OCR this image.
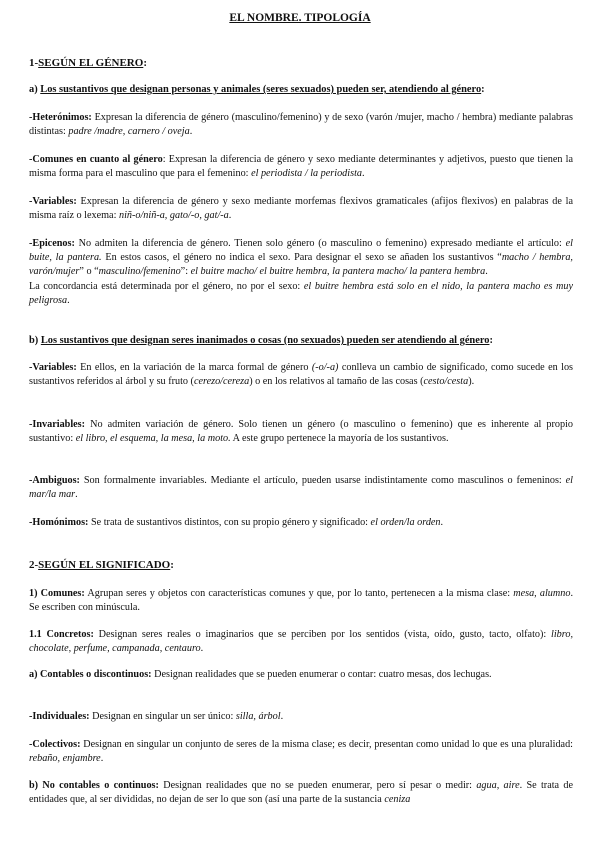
EL NOMBRE. TIPOLOGÍA
1-SEGÚN EL GÉNERO:
a) Los sustantivos que designan personas y animales (seres sexuados) pueden ser, atendiendo al género:
-Heterónimos: Expresan la diferencia de género (masculino/femenino) y de sexo (varón /mujer, macho / hembra) mediante palabras distintas: padre /madre, carnero / oveja.
-Comunes en cuanto al género: Expresan la diferencia de género y sexo mediante determinantes y adjetivos, puesto que tienen la misma forma para el masculino que para el femenino: el periodista / la periodista.
-Variables: Expresan la diferencia de género y sexo mediante morfemas flexivos gramaticales (afijos flexivos) en palabras de la misma raíz o lexema: niñ-o/niñ-a, gato/-o, gat/-a.
-Epicenos: No admiten la diferencia de género. Tienen solo género (o masculino o femenino) expresado mediante el artículo: el buite, la pantera. En estos casos, el género no indica el sexo. Para designar el sexo se añaden los sustantivos “macho / hembra, varón/mujer” o “masculino/femenino”: el buitre macho/ el buitre hembra, la pantera macho/ la pantera hembra.
La concordancia está determinada por el género, no por el sexo: el buitre hembra está solo en el nido, la pantera macho es muy peligrosa.
b) Los sustantivos que designan seres inanimados o cosas (no sexuados) pueden ser atendiendo al género:
-Variables: En ellos, en la variación de la marca formal de género (-o/-a) conlleva un cambio de significado, como sucede en los sustantivos referidos al árbol y su fruto (cerezo/cereza) o en los relativos al tamaño de las cosas (cesto/cesta).
-Invariables: No admiten variación de género. Solo tienen un género (o masculino o femenino) que es inherente al propio sustantivo: el libro, el esquema, la mesa, la moto. A este grupo pertenece la mayoría de los sustantivos.
-Ambiguos: Son formalmente invariables. Mediante el artículo, pueden usarse indistintamente como masculinos o femeninos: el mar/la mar.
-Homónimos: Se trata de sustantivos distintos, con su propio género y significado: el orden/la orden.
2-SEGÚN EL SIGNIFICADO:
1) Comunes: Agrupan seres y objetos con características comunes y que, por lo tanto, pertenecen a la misma clase: mesa, alumno. Se escriben con minúscula.
1.1 Concretos: Designan seres reales o imaginarios que se perciben por los sentidos (vista, oído, gusto, tacto, olfato): libro, chocolate, perfume, campanada, centauro.
a) Contables o discontinuos: Designan realidades que se pueden enumerar o contar: cuatro mesas, dos lechugas.
-Individuales: Designan en singular un ser único: silla, árbol.
-Colectivos: Designan en singular un conjunto de seres de la misma clase; es decir, presentan como unidad lo que es una pluralidad: rebaño, enjambre.
b) No contables o continuos: Designan realidades que no se pueden enumerar, pero sí pesar o medir: agua, aire. Se trata de entidades que, al ser divididas, no dejan de ser lo que son (así una parte de la sustancia ceniza
